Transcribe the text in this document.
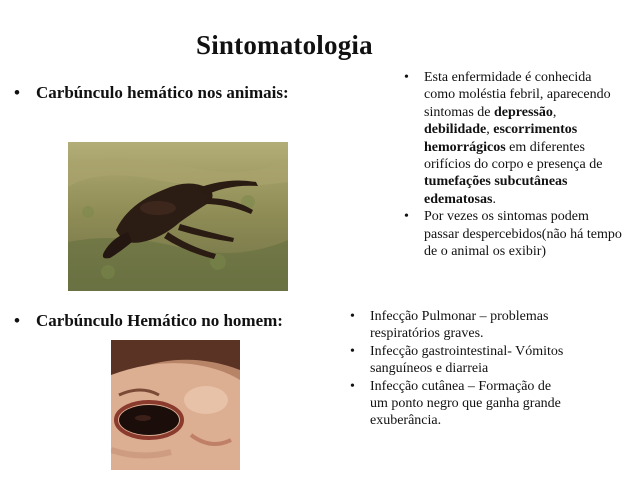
Sintomatologia
• Carbúnculo hemático nos animais:
• Esta enfermidade é conhecida como moléstia febril, aparecendo sintomas de depressão, debilidade, escorrimentos hemorrágicos em diferentes orifícios do corpo e presença de tumefações subcutâneas edematosas.
• Por vezes os sintomas podem passar despercebidos(não há tempo de o animal os exibir)
• Carbúnculo Hemático no homem:
•	Infecção Pulmonar – problemas respiratórios graves.
• Infecção gastrointestinal- Vómitos sanguíneos e diarreia
• Infecção cutânea – Formação de um ponto negro que ganha grande exuberância.
